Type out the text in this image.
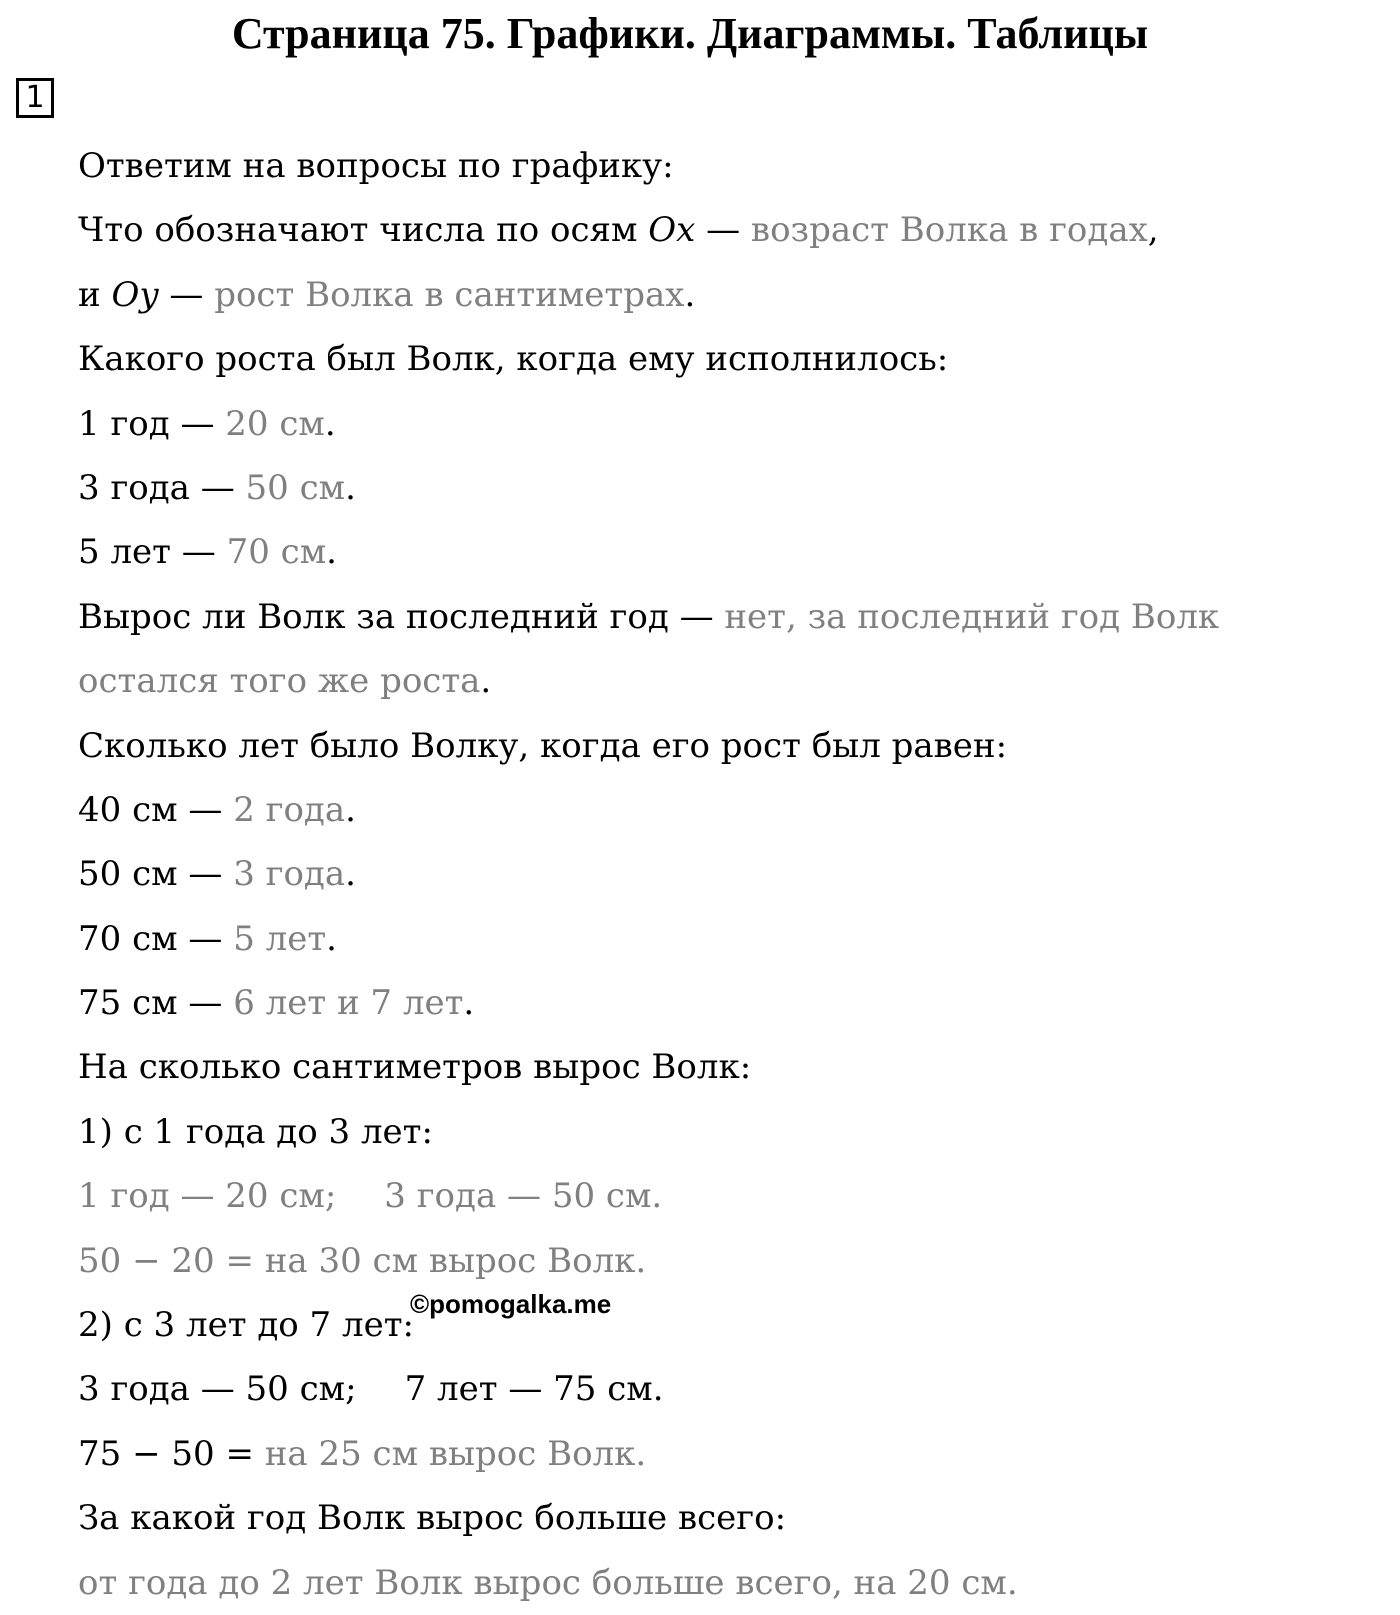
Страница 75. Графики. Диаграммы. Таблицы
1
Ответим на вопросы по графику:
Что обозначают числа по осям Ox — возраст Волка в годах,
и Oy — рост Волка в сантиметрах.
Какого роста был Волк, когда ему исполнилось:
1 год — 20 см.
3 года — 50 см.
5 лет — 70 см.
Вырос ли Волк за последний год — нет, за последний год Волк
остался того же роста.
Сколько лет было Волку, когда его рост был равен:
40 см — 2 года.
50 см — 3 года.
70 см — 5 лет.
75 см — 6 лет и 7 лет.
На сколько сантиметров вырос Волк:
1) с 1 года до 3 лет:
1 год — 20 см; 3 года — 50 см.
50 − 20 = на 30 см вырос Волк.
2) с 3 лет до 7 лет:
3 года — 50 см; 7 лет — 75 см.
75 − 50 = на 25 см вырос Волк.
За какой год Волк вырос больше всего:
от года до 2 лет Волк вырос больше всего, на 20 см.
©pomogalka.me
